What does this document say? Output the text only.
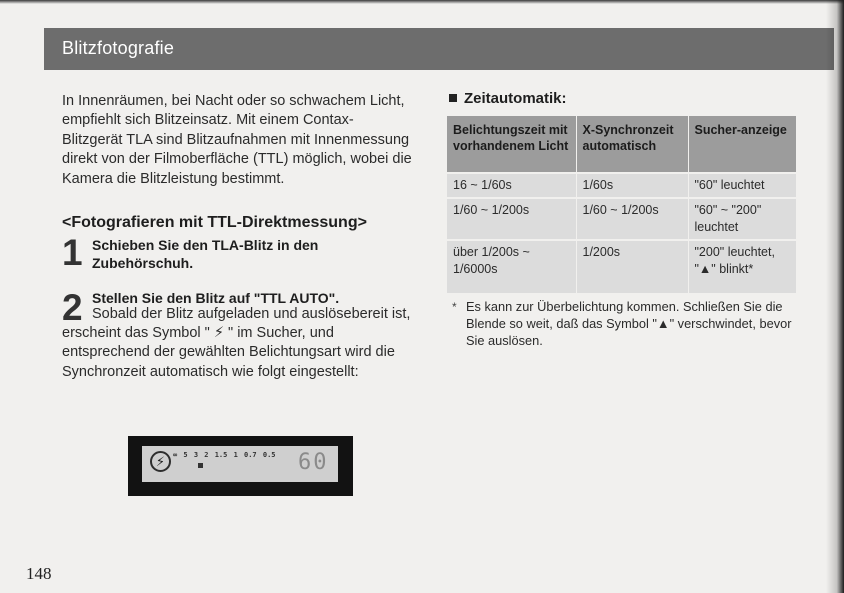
Blitzfotografie

In Innenräumen, bei Nacht oder so schwachem Licht, empfiehlt sich Blitzeinsatz. Mit einem Contax-Blitzgerät TLA sind Blitzaufnahmen mit Innenmessung direkt von der Filmoberfläche (TTL) möglich, wobei die Kamera die Blitzleistung bestimmt.

<Fotografieren mit TTL-Direktmessung>
1 Schieben Sie den TLA-Blitz in den Zubehörschuh.

2 Stellen Sie den Blitz auf "TTL AUTO".

Sobald der Blitz aufgeladen und auslösebereit ist, erscheint das Symbol " ⚡ " im Sucher, und entsprechend der gewählten Belichtungsart wird die Synchronzeit automatisch wie folgt eingestellt:

⚡	∞ 5 3 2 1.5 1 0.7 0.5 60
148
Zeitautomatik:
Belichtungszeit mit vorhandenem Licht	X-Synchronzeit automatisch	Sucher-anzeige
16 ~ 1/60s	1/60s	"60" leuchtet
1/60 ~ 1/200s	1/60 ~ 1/200s	"60" ~ "200" leuchtet
über 1/200s ~ 1/6000s	1/200s	"200" leuchtet, "▲" blinkt*
* Es kann zur Überbelichtung kommen. Schließen Sie die Blende so weit, daß das Symbol "▲" verschwindet, bevor Sie auslösen.
